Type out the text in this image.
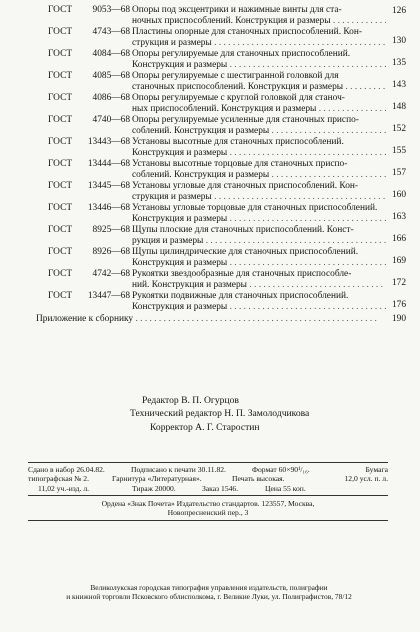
ГОСТ 9053—68 Опоры под эксцентрики и нажимные винты для ста-
ночных приспособлений. Конструкция и размеры . . .
126
ГОСТ 4743—68 Пластины опорные для станочных приспособлений. Кон-
струкция и размеры . . .	130
ГОСТ 4084—68 Опоры регулируемые для станочных приспособлений.
Конструкция и размеры . . .	135
ГОСТ 4085—68 Опоры регулируемые с шестигранной головкой для
станочных приспособлений. Конструкция и размеры . . .	143
ГОСТ 4086—68 Опоры регулируемые с круглой головкой для станоч-
ных приспособлений. Конструкция и размеры . . .	148
ГОСТ 4740—68 Опоры регулируемые усиленные для станочных приспо-
соблений. Конструкция и размеры . . .	152
ГОСТ 13443—68 Установы высотные для станочных приспособлений.
Конструкция и размеры . . .	155
ГОСТ 13444—68 Установы высотные торцовые для станочных приспо-
соблений. Конструкция и размеры . . .	157
ГОСТ 13445—68 Установы угловые для станочных приспособлений. Кон-
струкция и размеры . . .	160
ГОСТ 13446—68 Установы угловые торцовые для станочных приспособлений.
Конструкция и размеры . . .	163
ГОСТ 8925—68 Щупы плоские для станочных приспособлений. Конст-
рукция и размеры . . .	166
ГОСТ 8926—68 Щупы цилиндрические для станочных приспособлений.
Конструкция и размеры . . .	169
ГОСТ 4742—68 Рукоятки звездообразные для станочных приспособле-
ний. Конструкция и размеры . . .	172
ГОСТ 13447—68 Рукоятки подвижные для станочных приспособлений.
Конструкция и размеры . . .	176
Приложение к сборнику . . .	190
Редактор В. П. Огурцов
Технический редактор Н. П. Замолодчикова
Корректор А. Г. Старостин
Сдано в набор 26.04.82.	Подписано к печати 30.11.82.	Формат 60×90¹/₁₆.	Бумага
типографская № 2.	Гарнитура «Литературная».	Печать высокая.	12,0 усл. п. л.
11,02 уч.-изд. л.	Тираж 20000.	Заказ 1546.	Цена 55 коп.
Ордена «Знак Почета» Издательство стандартов. 123557, Москва,
Новопресненский пер., 3
Великолукская городская типография управления издательств, полиграфии
и книжной торговли Псковского облисполкома, г. Великие Луки, ул. Полиграфистов, 78/12
